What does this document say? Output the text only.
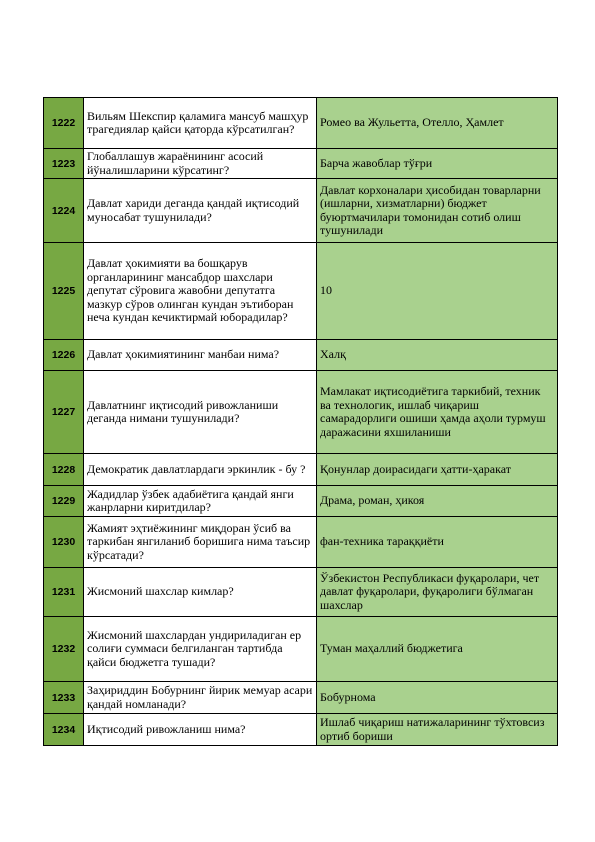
1222	Вильям Шекспир қаламига мансуб машҳур трагедиялар қайси қаторда кўрсатилган?	Ромео ва Жульетта, Отелло, Ҳамлет
1223	Глобаллашув жараёнининг асосий йўналишларини кўрсатинг?	Барча жавоблар тўғри
1224	Давлат хариди деганда қандай иқтисодий муносабат тушунилади?	Давлат корхоналари ҳисобидан товарларни (ишларни, хизматларни) бюджет буюртмачилари томонидан сотиб олиш тушунилади
1225	Давлат ҳокимияти ва бошқарув органларининг мансабдор шахслари депутат сўровига жавобни депутатга мазкур сўров олинган кундан эътиборан неча кундан кечиктирмай юборадилар?	10
1226	Давлат ҳокимиятининг манбаи нима?	Халқ
1227	Давлатнинг иқтисодий ривожланиши деганда нимани тушунилади?	Мамлакат иқтисодиётига таркибий, техник ва технологик, ишлаб чиқариш самарадорлиги ошиши ҳамда аҳоли турмуш даражасини яхшиланиши
1228	Демократик давлатлардаги эркинлик - бу ?	Қонунлар доирасидаги ҳатти-ҳаракат
1229	Жадидлар ўзбек адабиётига қандай янги жанрларни киритдилар?	Драма, роман, ҳикоя
1230	Жамият эҳтиёжининг миқдоран ўсиб ва таркибан янгиланиб боришига нима таъсир кўрсатади?	фан-техника тараққиёти
1231	Жисмоний шахслар кимлар?	Ўзбекистон Республикаси фуқаролари, чет давлат фуқаролари, фуқаролиги бўлмаган шахслар
1232	Жисмоний шахслардан ундириладиган ер солиғи суммаси белгиланган тартибда қайси бюджетга тушади?	Туман маҳаллий бюджетига
1233	Заҳириддин Бобурнинг йирик мемуар асари қандай номланади?	Бобурнома
1234	Иқтисодий ривожланиш нима?	Ишлаб чиқариш натижаларининг тўхтовсиз ортиб бориши
